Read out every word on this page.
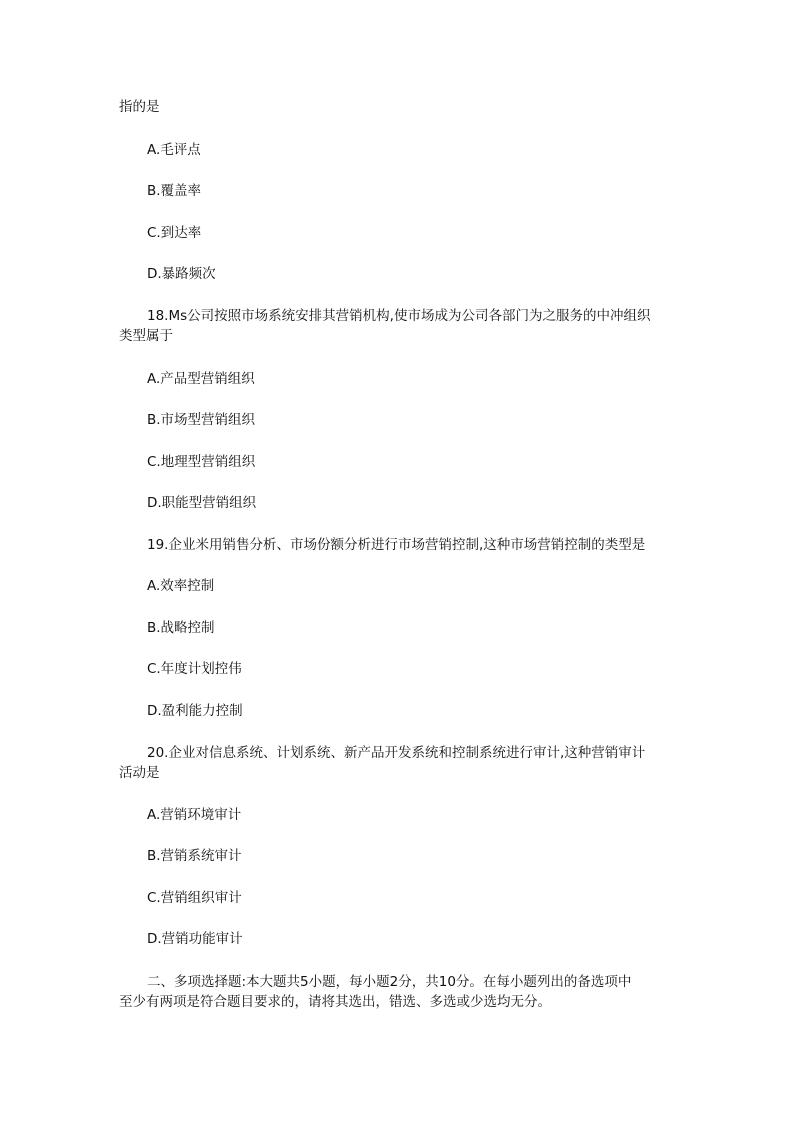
指的是
A.毛评点
B.覆盖率
C.到达率
D.暴路频次
18.Ms公司按照市场系统安排其营销机构,使市场成为公司各部门为之服务的中冲组织
类型属于
A.产品型营销组织
B.市场型营销组织
C.地理型营销组织
D.职能型营销组织
19.企业米用销售分析、市场份额分析进行市场营销控制,这种市场营销控制的类型是
A.效率控制
B.战略控制
C.年度计划控伟
D.盈利能力控制
20.企业对信息系统、计划系统、新产品开发系统和控制系统进行审计,这种营销审计
活动是
A.营销环境审计
B.营销系统审计
C.营销组织审计
D.营销功能审计
二、多项选择题:本大题共5小题，每小题2分，共10分。在每小题列出的备选项中
至少有两项是符合题目要求的，请将其选出，错选、多选或少选均无分。
